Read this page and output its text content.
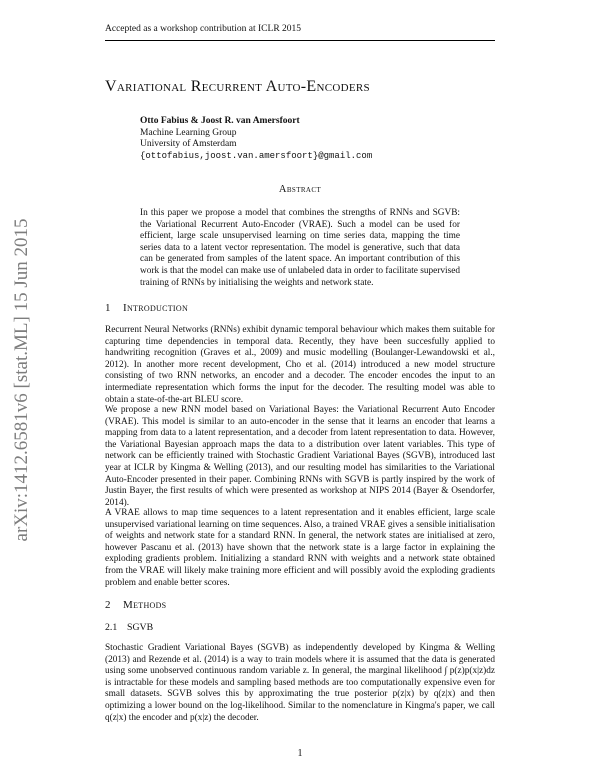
Accepted as a workshop contribution at ICLR 2015
arXiv:1412.6581v6 [stat.ML] 15 Jun 2015
Variational Recurrent Auto-Encoders
Otto Fabius & Joost R. van Amersfoort
Machine Learning Group
University of Amsterdam
{ottofabius,joost.van.amersfoort}@gmail.com
Abstract
In this paper we propose a model that combines the strengths of RNNs and SGVB: the Variational Recurrent Auto-Encoder (VRAE). Such a model can be used for efficient, large scale unsupervised learning on time series data, mapping the time series data to a latent vector representation. The model is generative, such that data can be generated from samples of the latent space. An important contribution of this work is that the model can make use of unlabeled data in order to facilitate supervised training of RNNs by initialising the weights and network state.
1 Introduction
Recurrent Neural Networks (RNNs) exhibit dynamic temporal behaviour which makes them suitable for capturing time dependencies in temporal data. Recently, they have been succesfully applied to handwriting recognition (Graves et al., 2009) and music modelling (Boulanger-Lewandowski et al., 2012). In another more recent development, Cho et al. (2014) introduced a new model structure consisting of two RNN networks, an encoder and a decoder. The encoder encodes the input to an intermediate representation which forms the input for the decoder. The resulting model was able to obtain a state-of-the-art BLEU score.
We propose a new RNN model based on Variational Bayes: the Variational Recurrent Auto Encoder (VRAE). This model is similar to an auto-encoder in the sense that it learns an encoder that learns a mapping from data to a latent representation, and a decoder from latent representation to data. However, the Variational Bayesian approach maps the data to a distribution over latent variables. This type of network can be efficiently trained with Stochastic Gradient Variational Bayes (SGVB), introduced last year at ICLR by Kingma & Welling (2013), and our resulting model has similarities to the Variational Auto-Encoder presented in their paper. Combining RNNs with SGVB is partly inspired by the work of Justin Bayer, the first results of which were presented as workshop at NIPS 2014 (Bayer & Osendorfer, 2014).
A VRAE allows to map time sequences to a latent representation and it enables efficient, large scale unsupervised variational learning on time sequences. Also, a trained VRAE gives a sensible initialisation of weights and network state for a standard RNN. In general, the network states are initialised at zero, however Pascanu et al. (2013) have shown that the network state is a large factor in explaining the exploding gradients problem. Initializing a standard RNN with weights and a network state obtained from the VRAE will likely make training more efficient and will possibly avoid the exploding gradients problem and enable better scores.
2 Methods
2.1 SGVB
Stochastic Gradient Variational Bayes (SGVB) as independently developed by Kingma & Welling (2013) and Rezende et al. (2014) is a way to train models where it is assumed that the data is generated using some unobserved continuous random variable z. In general, the marginal likelihood ∫ p(z)p(x|z)dz is intractable for these models and sampling based methods are too computationally expensive even for small datasets. SGVB solves this by approximating the true posterior p(z|x) by q(z|x) and then optimizing a lower bound on the log-likelihood. Similar to the nomenclature in Kingma's paper, we call q(z|x) the encoder and p(x|z) the decoder.
1
